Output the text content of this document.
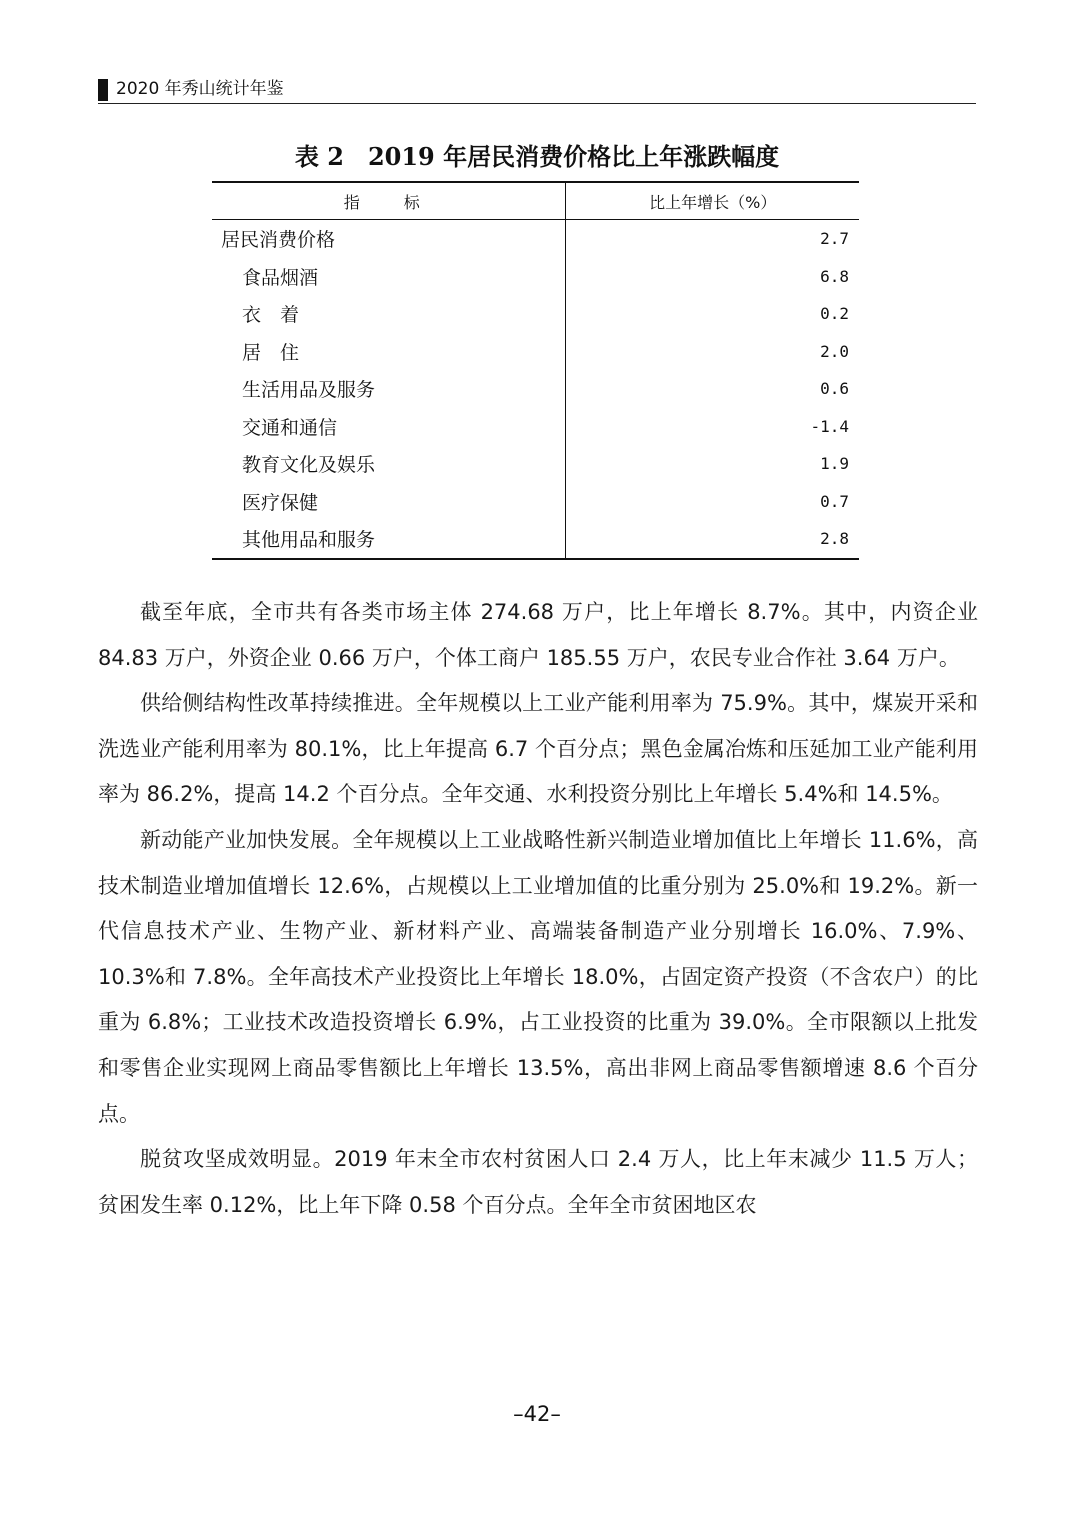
2020 年秀山统计年鉴
表 2　2019 年居民消费价格比上年涨跌幅度
指　标	比上年增长（%）
居民消费价格	2.7
食品烟酒	6.8
衣　着	0.2
居　住	2.0
生活用品及服务	0.6
交通和通信	-1.4
教育文化及娱乐	1.9
医疗保健	0.7
其他用品和服务	2.8

截至年底，全市共有各类市场主体 274.68 万户，比上年增长 8.7%。其中，内资企业 84.83 万户，外资企业 0.66 万户，个体工商户 185.55 万户，农民专业合作社 3.64 万户。

供给侧结构性改革持续推进。全年规模以上工业产能利用率为 75.9%。其中，煤炭开采和洗选业产能利用率为 80.1%，比上年提高 6.7 个百分点；黑色金属冶炼和压延加工业产能利用率为 86.2%，提高 14.2 个百分点。全年交通、水利投资分别比上年增长 5.4%和 14.5%。

新动能产业加快发展。全年规模以上工业战略性新兴制造业增加值比上年增长 11.6%，高技术制造业增加值增长 12.6%，占规模以上工业增加值的比重分别为 25.0%和 19.2%。新一代信息技术产业、生物产业、新材料产业、高端装备制造产业分别增长 16.0%、7.9%、10.3%和 7.8%。全年高技术产业投资比上年增长 18.0%，占固定资产投资（不含农户）的比重为 6.8%；工业技术改造投资增长 6.9%，占工业投资的比重为 39.0%。全市限额以上批发和零售企业实现网上商品零售额比上年增长 13.5%，高出非网上商品零售额增速 8.6 个百分点。

脱贫攻坚成效明显。2019 年末全市农村贫困人口 2.4 万人，比上年末减少 11.5 万人；贫困发生率 0.12%，比上年下降 0.58 个百分点。全年全市贫困地区农

–42–
